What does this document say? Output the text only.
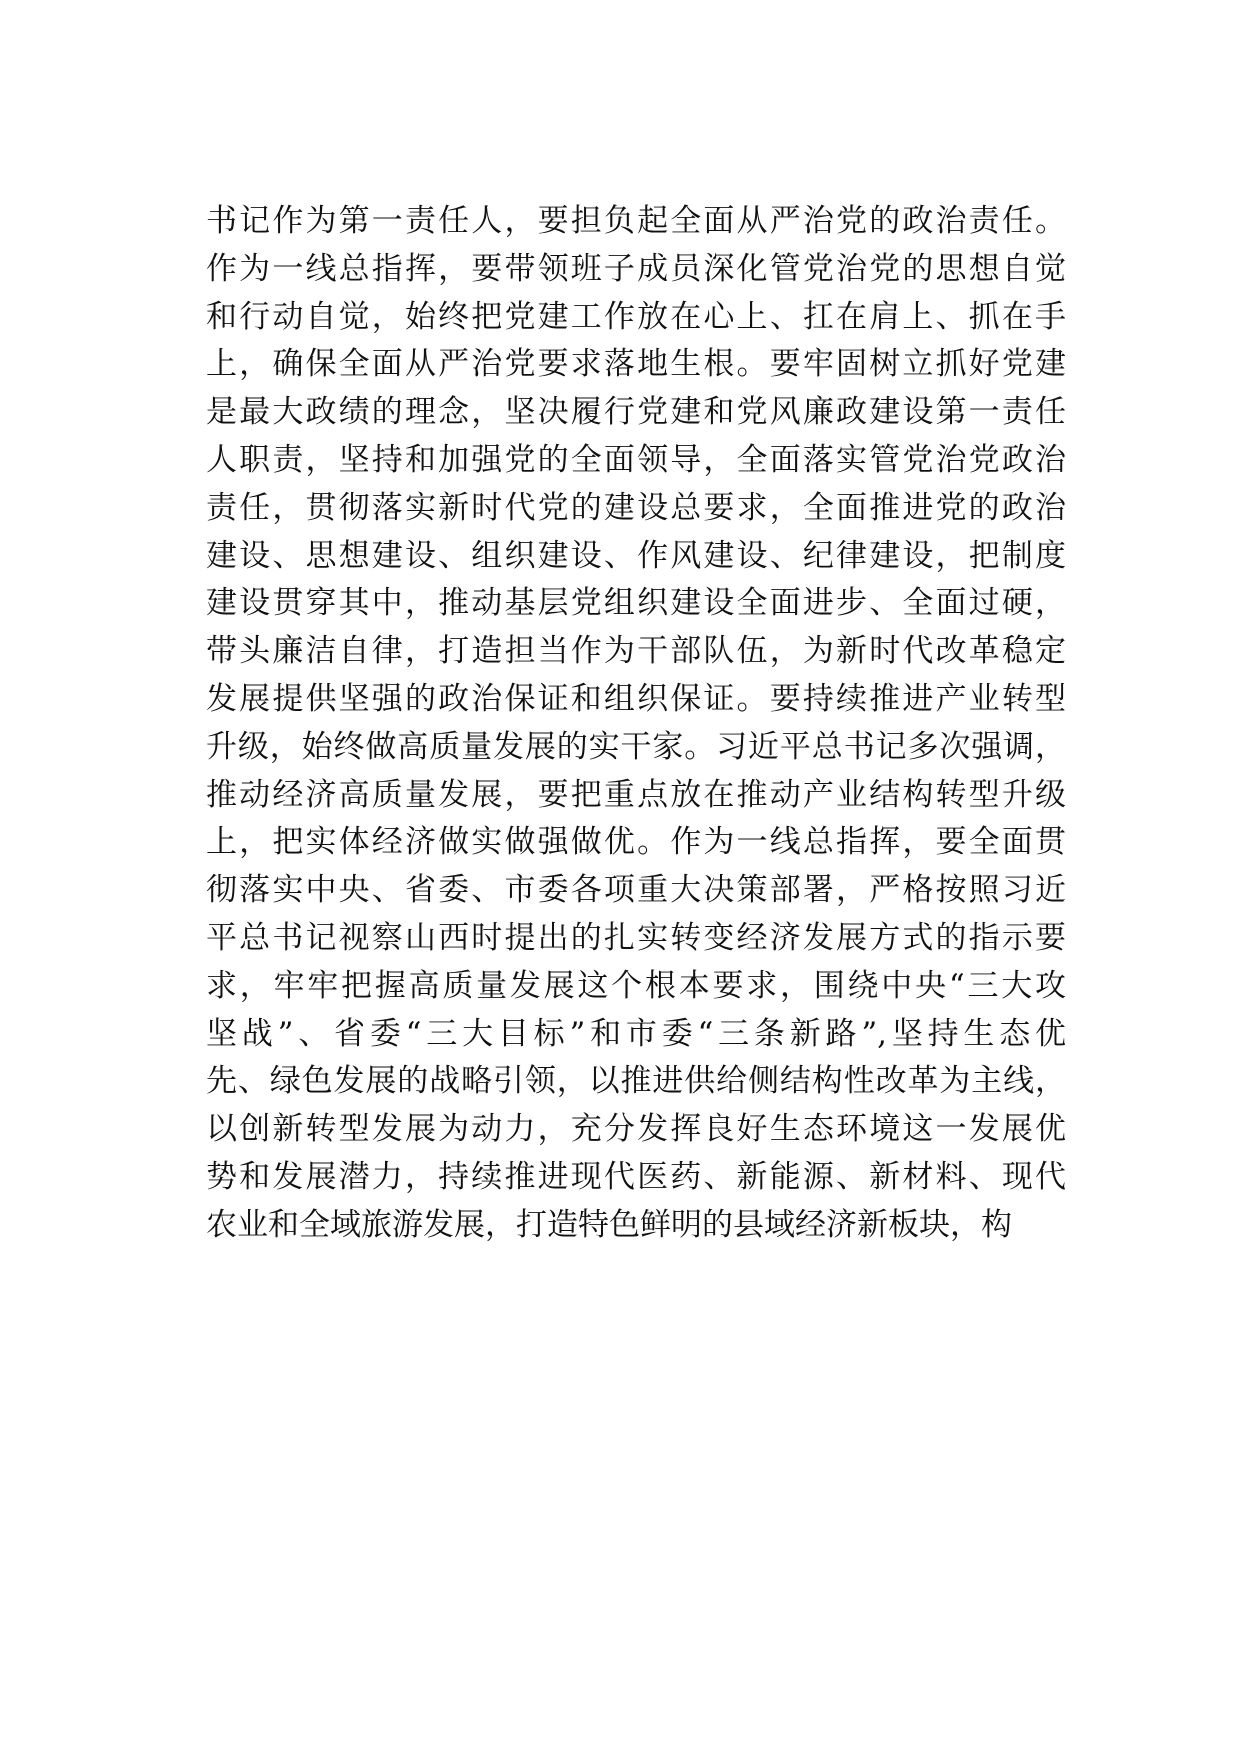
书记作为第一责任人，要担负起全面从严治党的政治责任。
作为一线总指挥，要带领班子成员深化管党治党的思想自觉
和行动自觉，始终把党建工作放在心上、扛在肩上、抓在手
上，确保全面从严治党要求落地生根。要牢固树立抓好党建
是最大政绩的理念，坚决履行党建和党风廉政建设第一责任
人职责，坚持和加强党的全面领导，全面落实管党治党政治
责任，贯彻落实新时代党的建设总要求，全面推进党的政治
建设、思想建设、组织建设、作风建设、纪律建设，把制度
建设贯穿其中，推动基层党组织建设全面进步、全面过硬，
带头廉洁自律，打造担当作为干部队伍，为新时代改革稳定
发展提供坚强的政治保证和组织保证。要持续推进产业转型
升级，始终做高质量发展的实干家。习近平总书记多次强调，
推动经济高质量发展，要把重点放在推动产业结构转型升级
上，把实体经济做实做强做优。作为一线总指挥，要全面贯
彻落实中央、省委、市委各项重大决策部署，严格按照习近
平总书记视察山西时提出的扎实转变经济发展方式的指示要
求，牢牢把握高质量发展这个根本要求，围绕中央“三大攻
坚战”、省委“三大目标”和市委“三条新路”,坚持生态优
先、绿色发展的战略引领，以推进供给侧结构性改革为主线，
以创新转型发展为动力，充分发挥良好生态环境这一发展优
势和发展潜力，持续推进现代医药、新能源、新材料、现代
农业和全域旅游发展，打造特色鲜明的县域经济新板块，构
